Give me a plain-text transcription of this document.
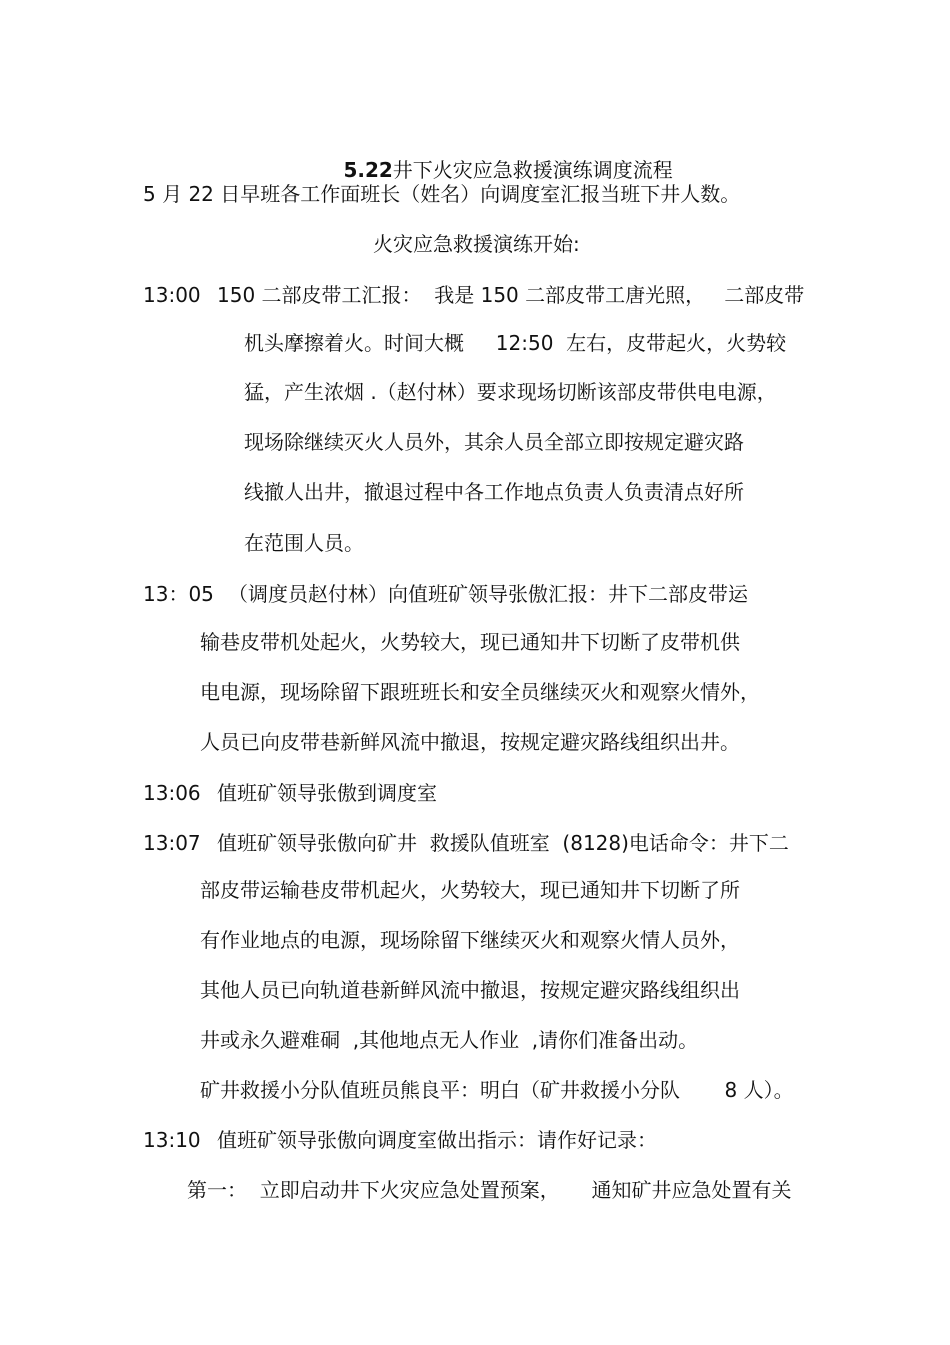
5.22井下火灾应急救援演练调度流程

5 月 22 日早班各工作面班长（姓名）向调度室汇报当班下井人数。
火灾应急救援演练开始:
13:00 150 二部皮带工汇报：  我是 150 二部皮带工唐光照，   二部皮带
机头摩擦着火。时间大概     12:50  左右，皮带起火，火势较
猛，产生浓烟 .（赵付林）要求现场切断该部皮带供电电源，
现场除继续灭火人员外，其余人员全部立即按规定避灾路
线撤人出井，撤退过程中各工作地点负责人负责清点好所
在范围人员。
13：05 （调度员赵付林）向值班矿领导张傲汇报：井下二部皮带运
输巷皮带机处起火，火势较大，现已通知井下切断了皮带机供
电电源，现场除留下跟班班长和安全员继续灭火和观察火情外，
人员已向皮带巷新鲜风流中撤退，按规定避灾路线组织出井。
13:06 值班矿领导张傲到调度室
13:07 值班矿领导张傲向矿井  救援队值班室  (8128)电话命令：井下二
部皮带运输巷皮带机起火，火势较大，现已通知井下切断了所
有作业地点的电源，现场除留下继续灭火和观察火情人员外，
其他人员已向轨道巷新鲜风流中撤退，按规定避灾路线组织出
井或永久避难硐  ,其他地点无人作业  ,请你们准备出动。
矿井救援小分队值班员熊良平：明白（矿井救援小分队       8 人）。
13:10 值班矿领导张傲向调度室做出指示：请作好记录：
第一：  立即启动井下火灾应急处置预案，     通知矿井应急处置有关
